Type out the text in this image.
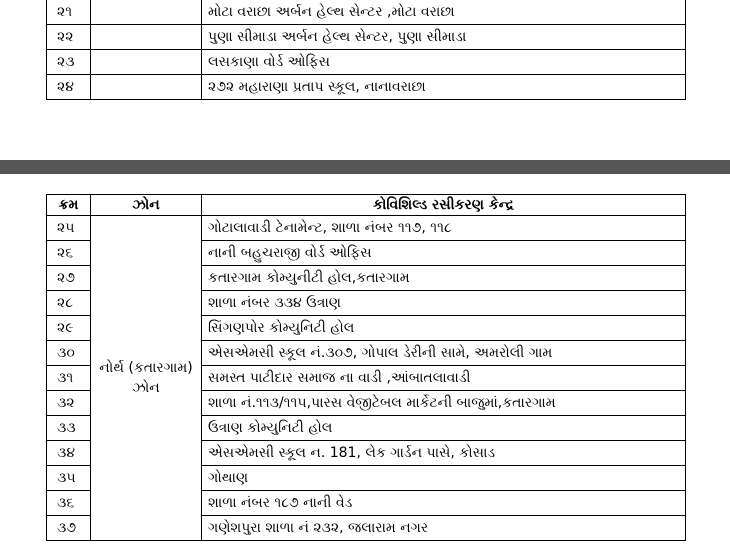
૨૧		મોટા વરાછા અર્બન હેલ્થ સેન્ટર ,મોટા વરાછા
૨૨		પુણા સીમાડા અર્બન હેલ્થ સેન્ટર, પુણા સીમાડા
૨૩		લસકાણા વોર્ડ ઓફિસ
૨૪		૨૭૨ મહારાણા પ્રતાપ સ્કૂલ, નાનાવરાછા
ક્રમ	ઝોન	કોવિશિલ્ડ રસીકરણ કેન્દ્ર
૨૫	નોર્થ (કતારગામ) ઝોન	ગોટાલાવાડી ટેનામેન્ટ, શાળા નંબર ૧૧૭, ૧૧૮
૨૬		નાની બહુચરાજી વોર્ડ ઓફિસ
૨૭		કતારગામ કોમ્યુનીટી હોલ,કતારગામ
૨૮		શાળા નંબર ૩૩૪ ઉત્રાણ
૨૯		સિંગણપોર કોમ્યુનિટી હોલ
૩૦		એસએમસી સ્કૂલ નં.૩૦૭, ગોપાલ ડેરીની સામે, અમરોલી ગામ
૩૧		સમસ્ત પાટીદાર સમાજ ના વાડી ,આંબાતલાવાડી
૩૨		શાળા નં.૧૧૩/૧૧૫,પારસ વેજીટેબલ માર્કેટની બાજુમાં,કતારગામ
૩૩		ઉત્રાણ કોમ્યુનિટી હોલ
૩૪		એસએમસી સ્કૂલ ન. 181, લેક ગાર્ડન પાસે, કોસાડ
૩૫		ગોથાણ
૩૬		શાળા નંબર ૧૮૭ નાની વેડ
૩૭		ગણેશપુરા શાળા નં ૨૩૨, જલારામ નગર
